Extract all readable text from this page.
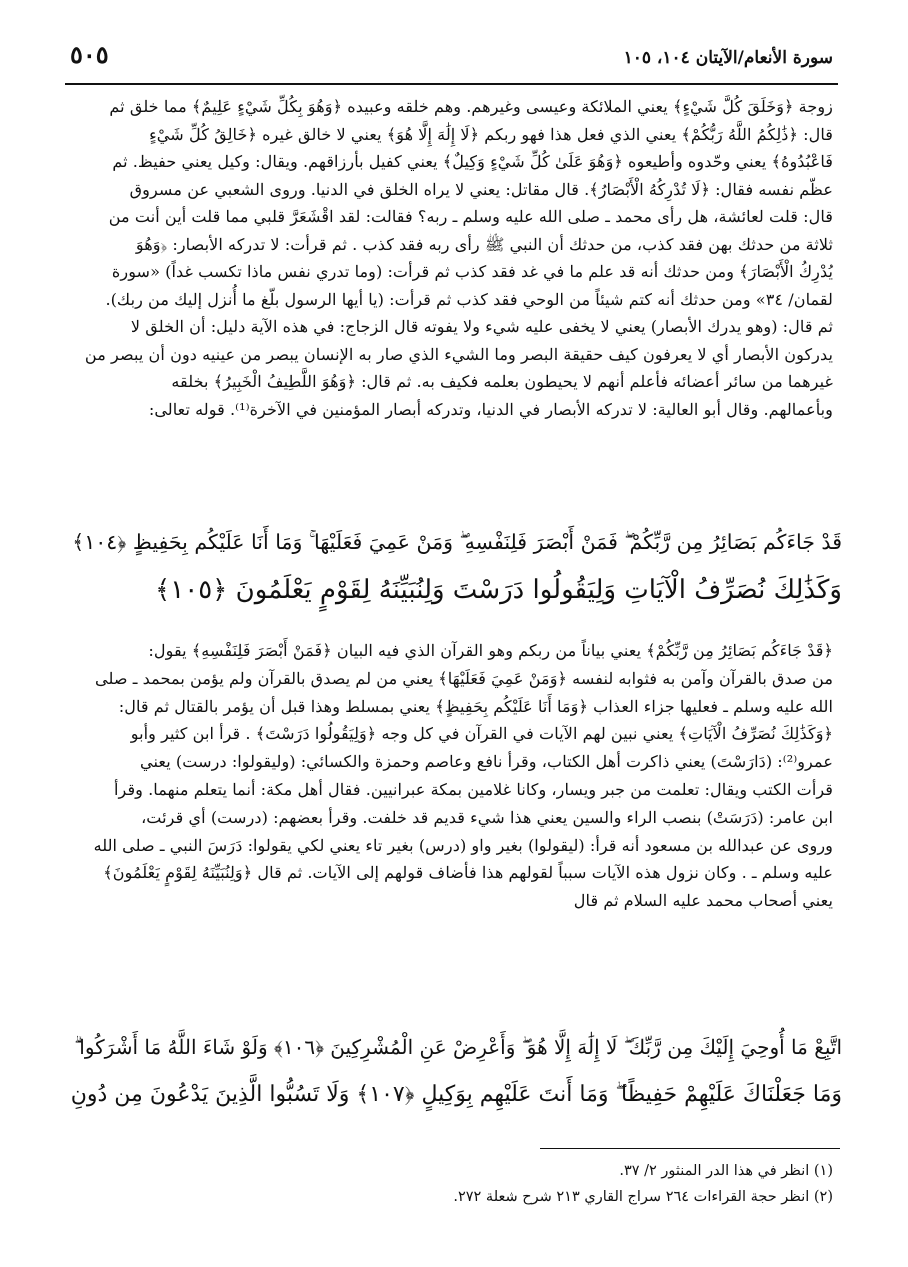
سورة الأنعام/الآيتان ١٠٤، ١٠٥
٥٠٥

زوجة ﴿وَخَلَقَ كُلَّ شَيْءٍ﴾ يعني الملائكة وعيسى وغيرهم. وهم خلقه وعبيده ﴿وَهُوَ بِكُلِّ شَيْءٍ عَلِيمٌ﴾ مما خلق ثم

قال: ﴿ذَٰلِكُمُ اللَّهُ رَبُّكُمْ﴾ يعني الذي فعل هذا فهو ربكم ﴿لَا إِلَٰهَ إِلَّا هُوَ﴾ يعني لا خالق غيره ﴿خَالِقُ كُلِّ شَيْءٍ

فَاعْبُدُوهُ﴾ يعني وحّدوه وأطيعوه ﴿وَهُوَ عَلَىٰ كُلِّ شَيْءٍ وَكِيلٌ﴾ يعني كفيل بأرزاقهم. ويقال: وكيل يعني حفيظ. ثم

عظّم نفسه فقال: ﴿لَا تُدْرِكُهُ الْأَبْصَارُ﴾. قال مقاتل: يعني لا يراه الخلق في الدنيا. وروى الشعبي عن مسروق

قال: قلت لعائشة، هل رأى محمد ـ صلى الله عليه وسلم ـ ربه؟ فقالت: لقد اقْشَعَرَّ قلبي مما قلت أين أنت من

ثلاثة من حدثك بهن فقد كذب، من حدثك أن النبي ﷺ رأى ربه فقد كذب . ثم قرأت: لا تدركه الأبصار: ﴿وَهُوَ

يُدْرِكُ الْأَبْصَارَ﴾ ومن حدثك أنه قد علم ما في غد فقد كذب ثم قرأت: (وما تدري نفس ماذا تكسب غداً) «سورة

لقمان/ ٣٤» ومن حدثك أنه كتم شيئاً من الوحي فقد كذب ثم قرأت: (يا أيها الرسول بلّغ ما أُنزل إليك من ربك).

ثم قال: (وهو يدرك الأبصار) يعني لا يخفى عليه شيء ولا يفوته قال الزجاج: في هذه الآية دليل: أن الخلق لا

يدركون الأبصار أي لا يعرفون كيف حقيقة البصر وما الشيء الذي صار به الإنسان يبصر من عينيه دون أن يبصر من

غيرهما من سائر أعضائه فأعلم أنهم لا يحيطون بعلمه فكيف به. ثم قال: ﴿وَهُوَ اللَّطِيفُ الْخَبِيرُ﴾ بخلقه

وبأعمالهم. وقال أبو العالية: لا تدركه الأبصار في الدنيا، وتدركه أبصار المؤمنين في الآخرة⁽¹⁾. قوله تعالى:

قَدْ جَاءَكُم بَصَائِرُ مِن رَّبِّكُمْ ۖ فَمَنْ أَبْصَرَ فَلِنَفْسِهِ ۖ وَمَنْ عَمِيَ فَعَلَيْهَا ۚ وَمَا أَنَا عَلَيْكُم بِحَفِيظٍ ﴿١٠٤﴾
وَكَذَٰلِكَ نُصَرِّفُ الْآيَاتِ وَلِيَقُولُوا دَرَسْتَ وَلِنُبَيِّنَهُ لِقَوْمٍ يَعْلَمُونَ ﴿١٠٥﴾

﴿قَدْ جَاءَكُم بَصَائِرُ مِن رَّبِّكُمْ﴾ يعني بياناً من ربكم وهو القرآن الذي فيه البيان ﴿فَمَنْ أَبْصَرَ فَلِنَفْسِهِ﴾ يقول:

من صدق بالقرآن وآمن به فثوابه لنفسه ﴿وَمَنْ عَمِيَ فَعَلَيْهَا﴾ يعني من لم يصدق بالقرآن ولم يؤمن بمحمد ـ صلى

الله عليه وسلم ـ فعليها جزاء العذاب ﴿وَمَا أَنَا عَلَيْكُم بِحَفِيظٍ﴾ يعني بمسلط وهذا قبل أن يؤمر بالقتال ثم قال:

﴿وَكَذَٰلِكَ نُصَرِّفُ الْآيَاتِ﴾ يعني نبين لهم الآيات في القرآن في كل وجه ﴿وَلِيَقُولُوا دَرَسْتَ﴾ . قرأ ابن كثير وأبو

عمرو⁽²⁾: (دَارَسْتَ) يعني ذاكرت أهل الكتاب، وقرأ نافع وعاصم وحمزة والكسائي: (وليقولوا: درست) يعني

قرأت الكتب ويقال: تعلمت من جبر ويسار، وكانا غلامين بمكة عبرانيين. فقال أهل مكة: أنما يتعلم منهما. وقرأ

ابن عامر: (دَرَسَتْ) بنصب الراء والسين يعني هذا شيء قديم قد خلفت. وقرأ بعضهم: (درست) أي قرئت،

وروى عن عبدالله بن مسعود أنه قرأ: (ليقولوا) بغير واو (درس) بغير تاء يعني لكي يقولوا: دَرَسَ النبي ـ صلى الله

عليه وسلم ـ . وكان نزول هذه الآيات سبباً لقولهم هذا فأضاف قولهم إلى الآيات. ثم قال ﴿وَلِنُبَيِّنَهُ لِقَوْمٍ يَعْلَمُونَ﴾

يعني أصحاب محمد عليه السلام ثم قال

اتَّبِعْ مَا أُوحِيَ إِلَيْكَ مِن رَّبِّكَ ۖ لَا إِلَٰهَ إِلَّا هُوَ ۖ وَأَعْرِضْ عَنِ الْمُشْرِكِينَ ﴿١٠٦﴾ وَلَوْ شَاءَ اللَّهُ مَا أَشْرَكُوا ۗ
وَمَا جَعَلْنَاكَ عَلَيْهِمْ حَفِيظًا ۖ وَمَا أَنتَ عَلَيْهِم بِوَكِيلٍ ﴿١٠٧﴾ وَلَا تَسُبُّوا الَّذِينَ يَدْعُونَ مِن دُونِ

(١) انظر في هذا الدر المنثور ٢/ ٣٧.

(٢) انظر حجة القراءات ٢٦٤ سراج القاري ٢١٣ شرح شعلة ٢٧٢.
